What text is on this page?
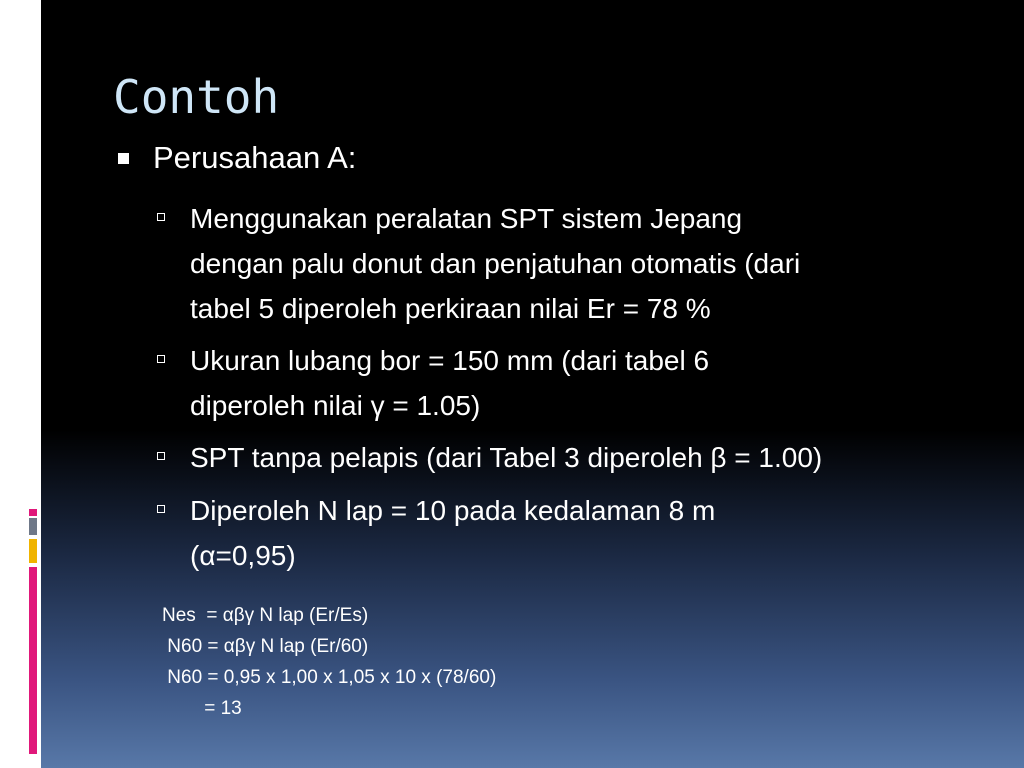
Contoh
Perusahaan A:
Menggunakan peralatan SPT sistem Jepang
dengan palu donut dan penjatuhan otomatis (dari
tabel 5 diperoleh perkiraan nilai Er = 78 %
Ukuran lubang bor = 150 mm (dari tabel 6
diperoleh nilai γ = 1.05)
SPT tanpa pelapis (dari Tabel 3 diperoleh β = 1.00)
Diperoleh N lap = 10 pada kedalaman 8 m
(α=0,95)
Nes  = αβγ N lap (Er/Es)
N60 = αβγ N lap (Er/60)
N60 = 0,95 x 1,00 x 1,05 x 10 x (78/60)
= 13
